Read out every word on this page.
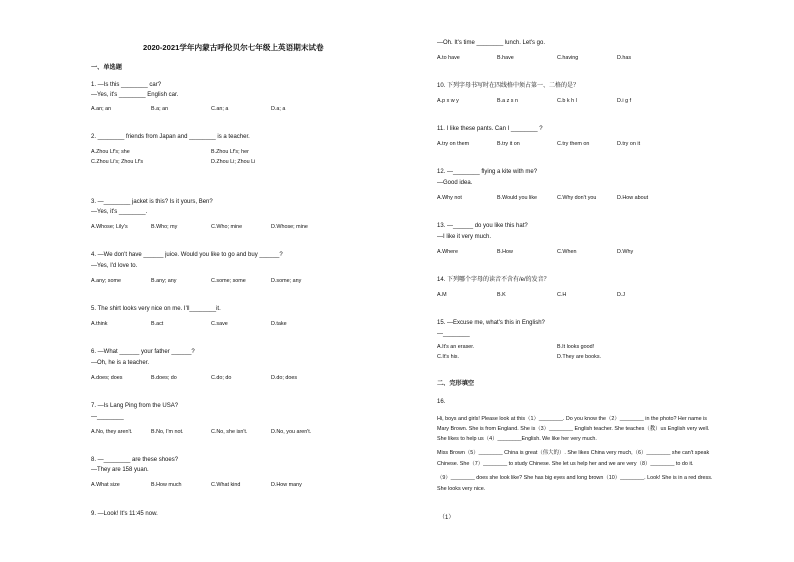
2020-2021学年内蒙古呼伦贝尔七年级上英语期末试卷
一、单选题
1. —Is this ________ car?
—Yes, it's ________ English car.
A.an; an	B.a; an	C.an; a	D.a; a
2. ________ friends from Japan and ________ is a teacher.
A.Zhou Lf's; she	B.Zhou Lf's; her
C.Zhou Li's; Zhou Lf's	D.Zhou Li; Zhou Li
3. —________ jacket is this? Is it yours, Ben?
—Yes, it's ________.
A.Whose; Lily's	B.Who; my	C.Who; mine	D.Whose; mine
4. —We don't have ______ juice. Would you like to go and buy ______?
—Yes, I'd love to.
A.any; some	B.any; any	C.some; some	D.some; any
5. The shirt looks very nice on me. I'll________it.
A.think	B.act	C.save	D.take
6. —What ______ your father ______?
—Oh, he is a teacher.
A.does; does	B.does; do	C.do; do	D.do; does
7. —Is Lang Ping from the USA?
—________
A.No, they aren't.	B.No, I'm not.	C.No, she isn't.	D.No, you aren't.
8. —________ are these shoes?
—They are 158 yuan.
A.What size	B.How much	C.What kind	D.How many
9. —Look! It's 11:45 now.
—Oh. It's time ________ lunch. Let's go.
A.to have	B.have	C.having	D.has
10. 下列字母书写时在四线格中须占第一、二格的是？
A.p x w y	B.a z s n	C.b k h l	D.i g f
11. I like these pants. Can I ________ ?
A.try on them	B.try it on	C.try them on	D.try on it
12. —________ flying a kite with me?
—Good idea.
A.Why not	B.Would you like	C.Why don't you	D.How about
13. —______ do you like this hat?
—I like it very much.
A.Where	B.How	C.When	D.Why
14. 下列哪个字母的读音不含有/e/的发音？
A.M	B.K	C.H	D.J
15. —Excuse me, what's this in English?
—________
A.It's an eraser.	B.It looks good!
C.It's his.	D.They are books.
二、完形填空
16.
Hi, boys and girls! Please look at this（1）________. Do you know the（2）________ in the photo? Her name is
Mary Brown. She is from England. She is（3）________ English teacher. She teaches（教）us English very well.
She likes to help us（4）________English. We like her very much.
Miss Brown（5）________ China is great（伟大的）. She likes China very much,（6）________ she can't speak
Chinese. She（7）________ to study Chinese. She let us help her and we are very（8）________ to do it.
（9）________ does she look like? She has big eyes and long brown（10）________. Look! She is in a red dress.
She looks very nice.
（1）
